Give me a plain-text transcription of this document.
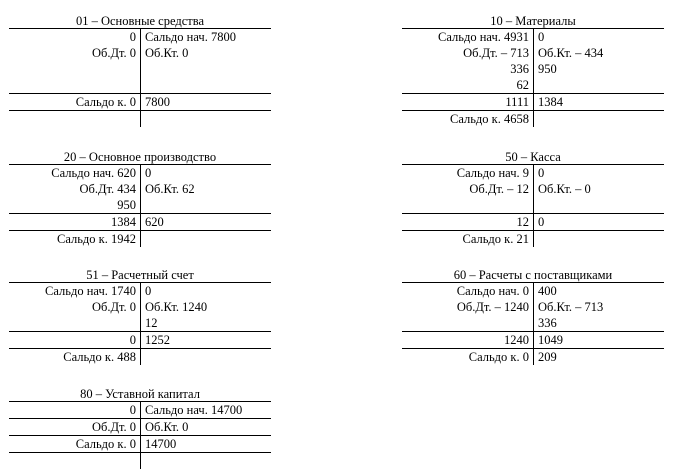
01 – Основные средства
0 Сальдо нач. 7800
Об.Дт. 0 Об.Кт. 0
Сальдо к. 0 7800
10 – Материалы
Сальдо нач. 4931 0
Об.Дт. – 713 Об.Кт. – 434
336 950
62
1111 1384
Сальдо к. 4658
20 – Основное производство
Сальдо нач. 620 0
Об.Дт. 434 Об.Кт. 62
950
1384 620
Сальдо к. 1942
50 – Касса
Сальдо нач. 9 0
Об.Дт. – 12 Об.Кт. – 0
12 0
Сальдо к. 21
51 – Расчетный счет
Сальдо нач. 1740 0
Об.Дт. 0 Об.Кт. 1240
12
0 1252
Сальдо к. 488
60 – Расчеты с поставщиками
Сальдо нач. 0 400
Об.Дт. – 1240 Об.Кт. – 713
336
1240 1049
Сальдо к. 0 209
80 – Уставной капитал
0 Сальдо нач. 14700
Об.Дт. 0 Об.Кт. 0
Сальдо к. 0 14700
